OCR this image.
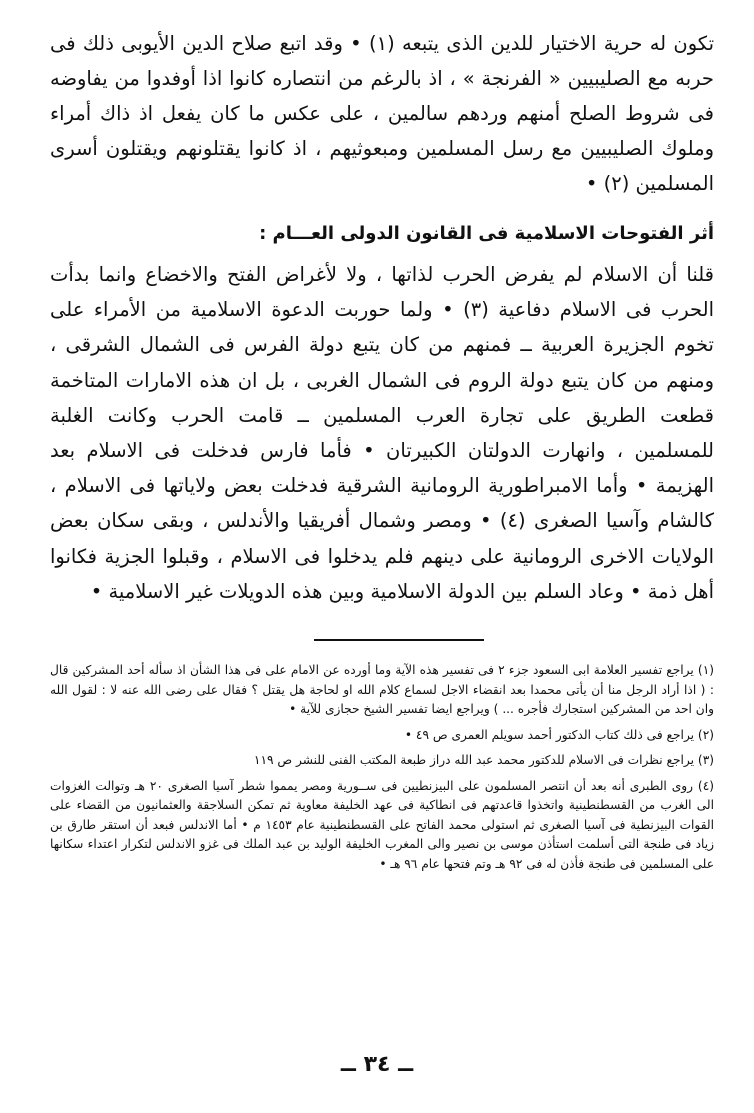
تكون له حرية الاختيار للدين الذى يتبعه (١) • وقد اتبع صلاح الدين الأيوبى ذلك فى حربه مع الصليبيين « الفرنجة » ، اذ بالرغم من انتصاره كانوا اذا أوفدوا من يفاوضه فى شروط الصلح أمنهم وردهم سالمين ، على عكس ما كان يفعل اذ ذاك أمراء وملوك الصليبيين مع رسل المسلمين ومبعوثيهم ، اذ كانوا يقتلونهم ويقتلون أسرى المسلمين (٢) •

أثر الفتوحات الاسلامية فى القانون الدولى العـــام :

قلنا أن الاسلام لم يفرض الحرب لذاتها ، ولا لأغراض الفتح والاخضاع وانما بدأت الحرب فى الاسلام دفاعية (٣) • ولما حوربت الدعوة الاسلامية من الأمراء على تخوم الجزيرة العربية ــ فمنهم من كان يتبع دولة الفرس فى الشمال الشرقى ، ومنهم من كان يتبع دولة الروم فى الشمال الغربى ، بل ان هذه الامارات المتاخمة قطعت الطريق على تجارة العرب المسلمين ــ قامت الحرب وكانت الغلبة للمسلمين ، وانهارت الدولتان الكبيرتان • فأما فارس فدخلت فى الاسلام بعد الهزيمة • وأما الامبراطورية الرومانية الشرقية فدخلت بعض ولاياتها فى الاسلام ، كالشام وآسيا الصغرى (٤) • ومصر وشمال أفريقيا والأندلس ، وبقى سكان بعض الولايات الاخرى الرومانية على دينهم فلم يدخلوا فى الاسلام ، وقبلوا الجزية فكانوا أهل ذمة • وعاد السلم بين الدولة الاسلامية وبين هذه الدويلات غير الاسلامية •

(١) يراجع تفسير العلامة ابى السعود جزء ٢ فى تفسير هذه الآية وما أورده عن الامام على فى هذا الشأن اذ سأله أحد المشركين قال : ( اذا أراد الرجل منا أن يأتى محمدا بعد انقضاء الاجل لسماع كلام الله او لحاجة هل يقتل ؟ فقال على رضى الله عنه لا : لقول الله وان احد من المشركين استجارك فأجره ... ) ويراجع ايضا تفسير الشيخ حجازى للآية •

(٢) يراجع فى ذلك كتاب الدكتور أحمد سويلم العمرى ص ٤٩ •

(٣) يراجع نظرات فى الاسلام للدكتور محمد عبد الله دراز طبعة المكتب الفنى للنشر ص ١١٩

(٤) روى الطبرى أنه بعد أن انتصر المسلمون على البيزنطيين فى ســورية ومصر يمموا شطر آسيا الصغرى ٢٠ هـ وتوالت الغزوات الى الغرب من القسطنطينية واتخذوا قاعدتهم فى انطاكية فى عهد الخليفة معاوية ثم تمكن السلاجقة والعثمانيون من القضاء على القوات البيزنطية فى آسيا الصغرى ثم استولى محمد الفاتح على القسطنطينية عام ١٤٥٣ م • أما الاندلس فبعد أن استقر طارق بن زياد فى طنجة التى أسلمت استأذن موسى بن نصير والى المغرب الخليفة الوليد بن عبد الملك فى غزو الاندلس لتكرار اعتداء سكانها على المسلمين فى طنجة فأذن له فى ٩٢ هـ وتم فتحها عام ٩٦ هـ •

ــ ٣٤ ــ
